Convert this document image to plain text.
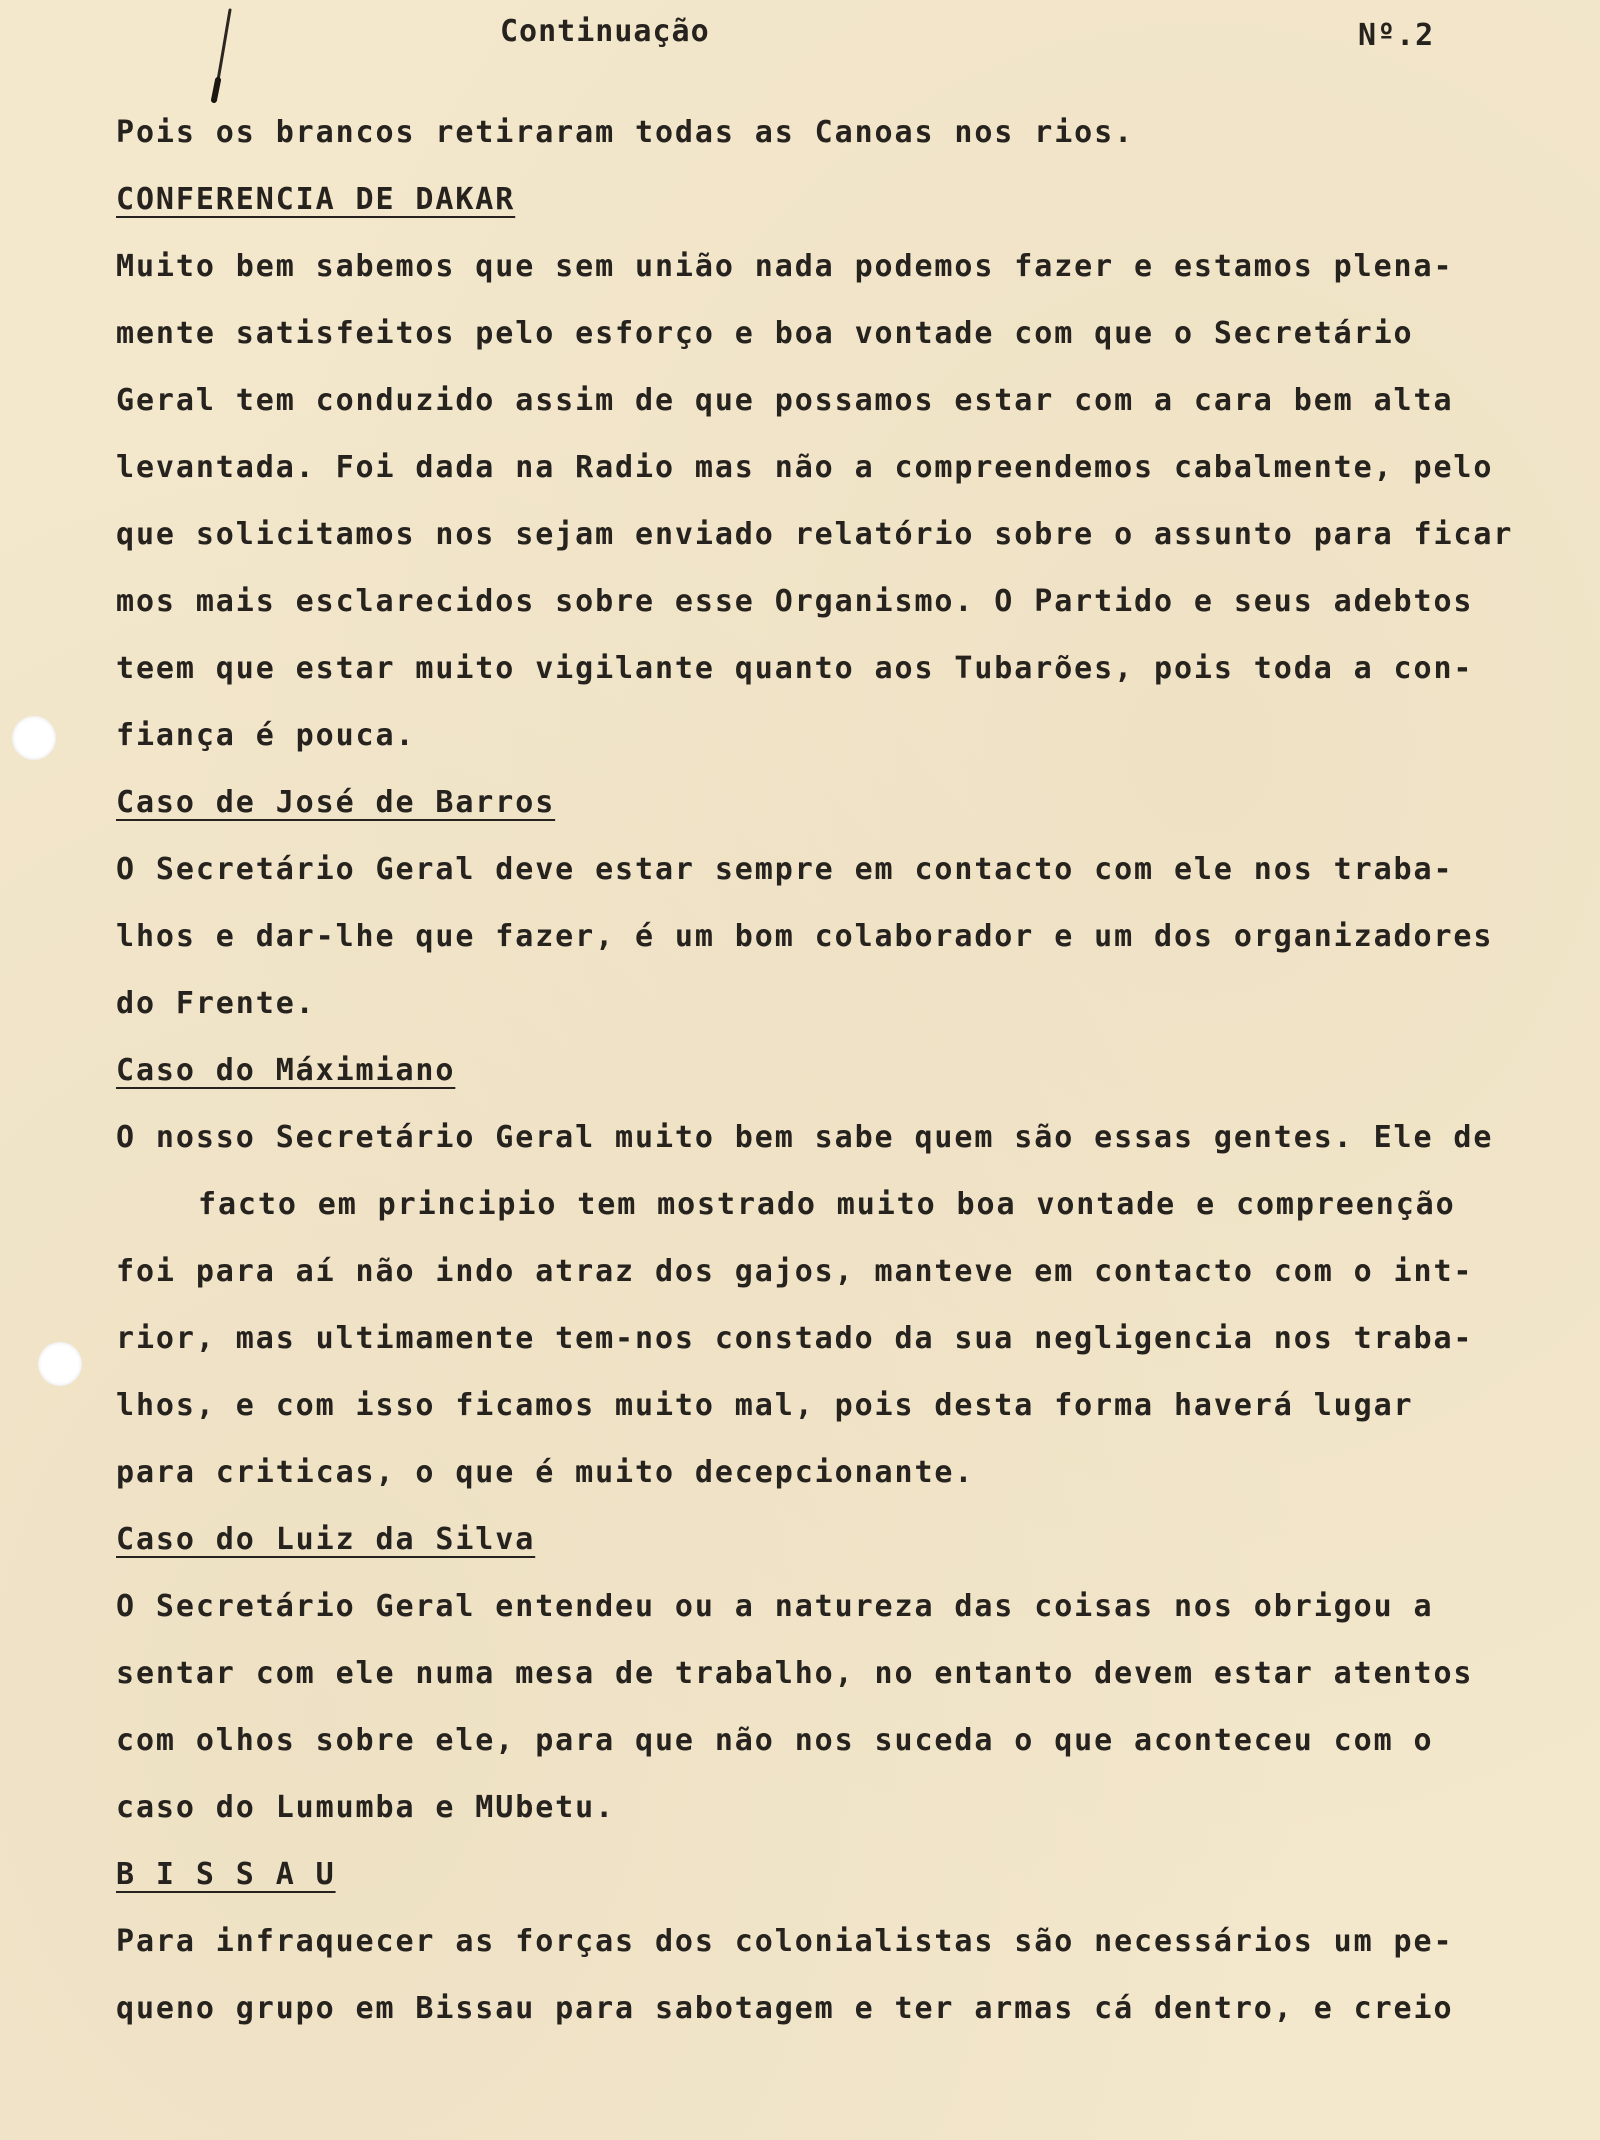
Continuação	Nº.2
Pois os brancos retiraram todas as Canoas nos rios.
CONFERENCIA DE DAKAR
Muito bem sabemos que sem união nada podemos fazer e estamos plena-
mente satisfeitos pelo esforço e boa vontade com que o Secretário
Geral tem conduzido assim de que possamos estar com a cara bem alta
levantada. Foi dada na Radio mas não a compreendemos cabalmente, pelo
que solicitamos nos sejam enviado relatório sobre o assunto para ficar
mos mais esclarecidos sobre esse Organismo. O Partido e seus adebtos
teem que estar muito vigilante quanto aos Tubarões, pois toda a con-
fiança é pouca.
Caso de José de Barros
O Secretário Geral deve estar sempre em contacto com ele nos traba-
lhos e dar-lhe que fazer, é um bom colaborador e um dos organizadores
do Frente.
Caso do Máximiano
O nosso Secretário Geral muito bem sabe quem são essas gentes. Ele de
facto em principio tem mostrado muito boa vontade e compreenção
foi para aí não indo atraz dos gajos, manteve em contacto com o int-
rior, mas ultimamente tem-nos constado da sua negligencia nos traba-
lhos, e com isso ficamos muito mal, pois desta forma haverá lugar
para criticas, o que é muito decepcionante.
Caso do Luiz da Silva
O Secretário Geral entendeu ou a natureza das coisas nos obrigou a
sentar com ele numa mesa de trabalho, no entanto devem estar atentos
com olhos sobre ele, para que não nos suceda o que aconteceu com o
caso do Lumumba e MUbetu.
B I S S A U
Para infraquecer as forças dos colonialistas são necessários um pe-
queno grupo em Bissau para sabotagem e ter armas cá dentro, e creio
